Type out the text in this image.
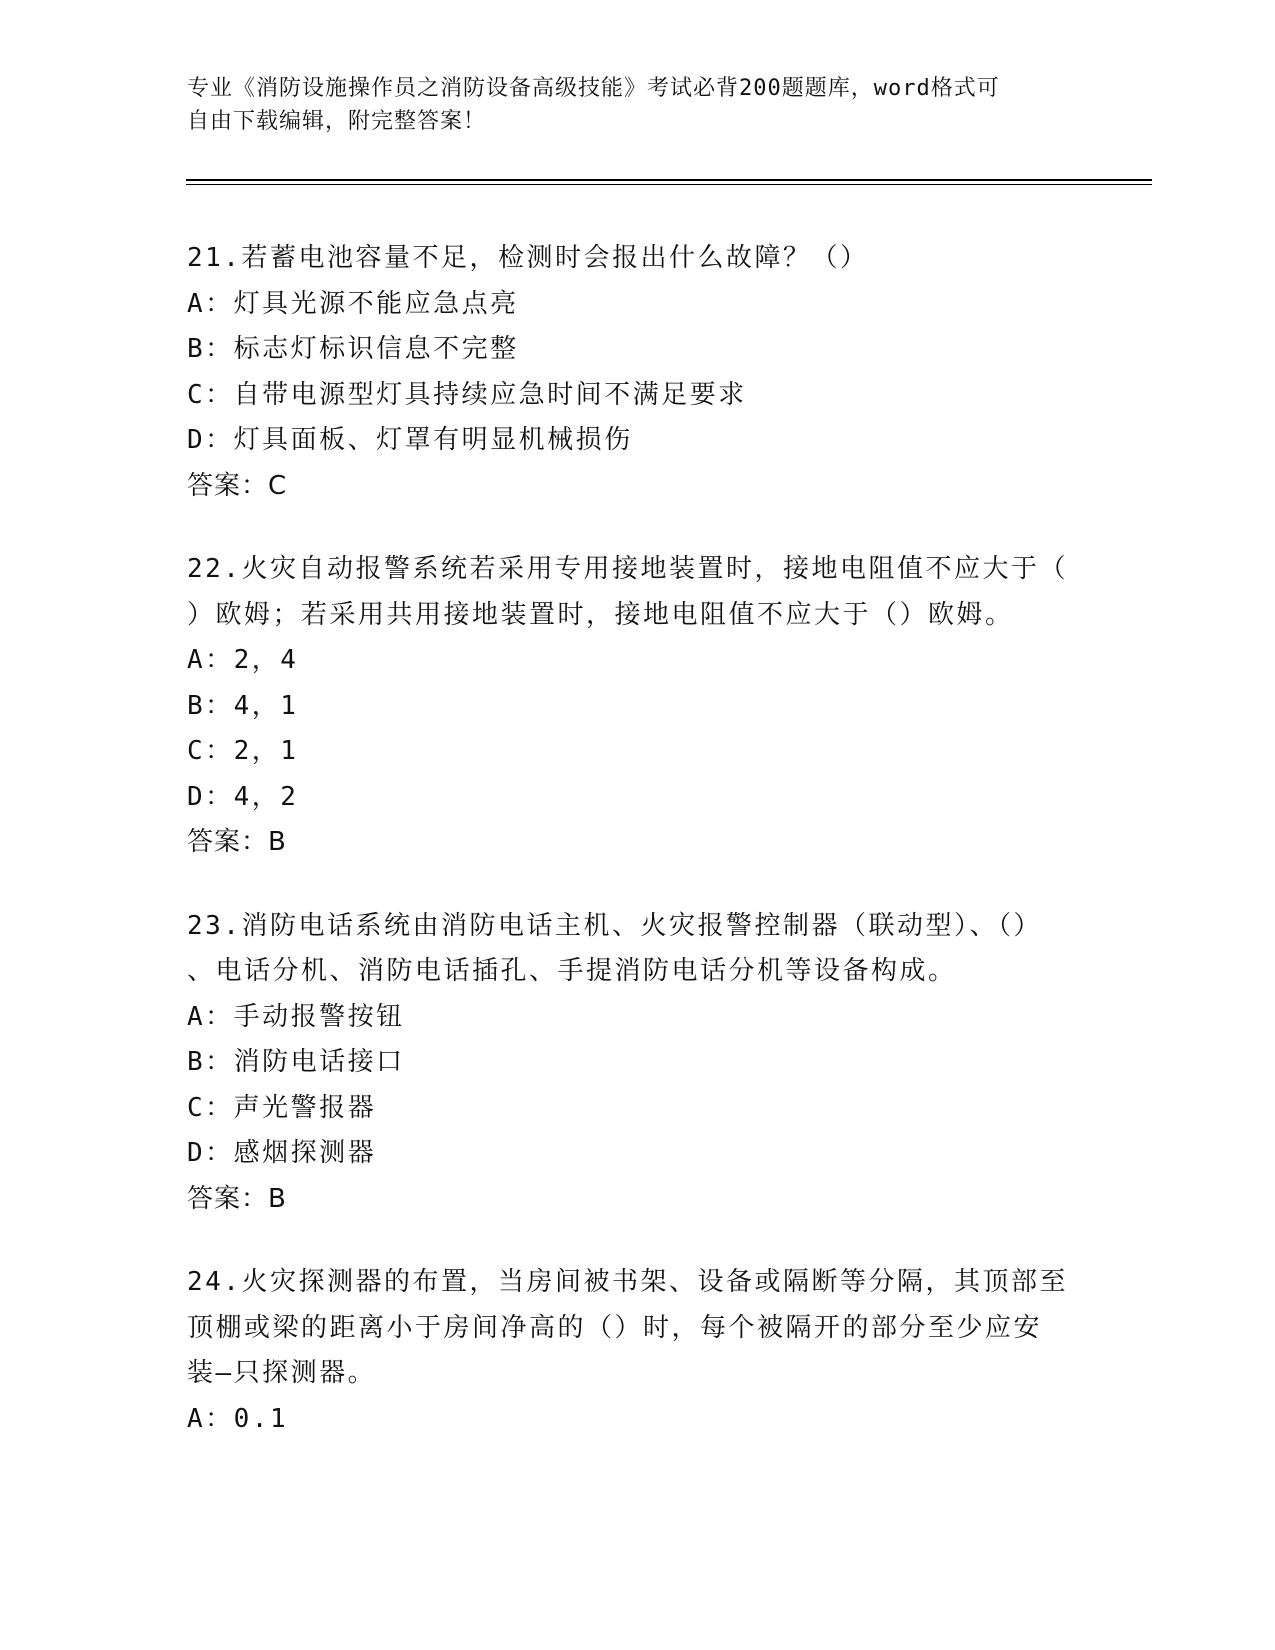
专业《消防设施操作员之消防设备高级技能》考试必背200题题库，word格式可
自由下载编辑，附完整答案！
21.若蓄电池容量不足，检测时会报出什么故障？（）
A：灯具光源不能应急点亮
B：标志灯标识信息不完整
C：自带电源型灯具持续应急时间不满足要求
D：灯具面板、灯罩有明显机械损伤
答案：C
22.火灾自动报警系统若采用专用接地装置时，接地电阻值不应大于（
）欧姆；若采用共用接地装置时，接地电阻值不应大于（）欧姆。
A：2，4
B：4，1
C：2，1
D：4，2
答案：B
23.消防电话系统由消防电话主机、火灾报警控制器（联动型）、（）
、电话分机、消防电话插孔、手提消防电话分机等设备构成。
A：手动报警按钮
B：消防电话接口
C：声光警报器
D：感烟探测器
答案：B
24.火灾探测器的布置，当房间被书架、设备或隔断等分隔，其顶部至
顶棚或梁的距离小于房间净高的（）时，每个被隔开的部分至少应安
装—只探测器。
A：0.1
